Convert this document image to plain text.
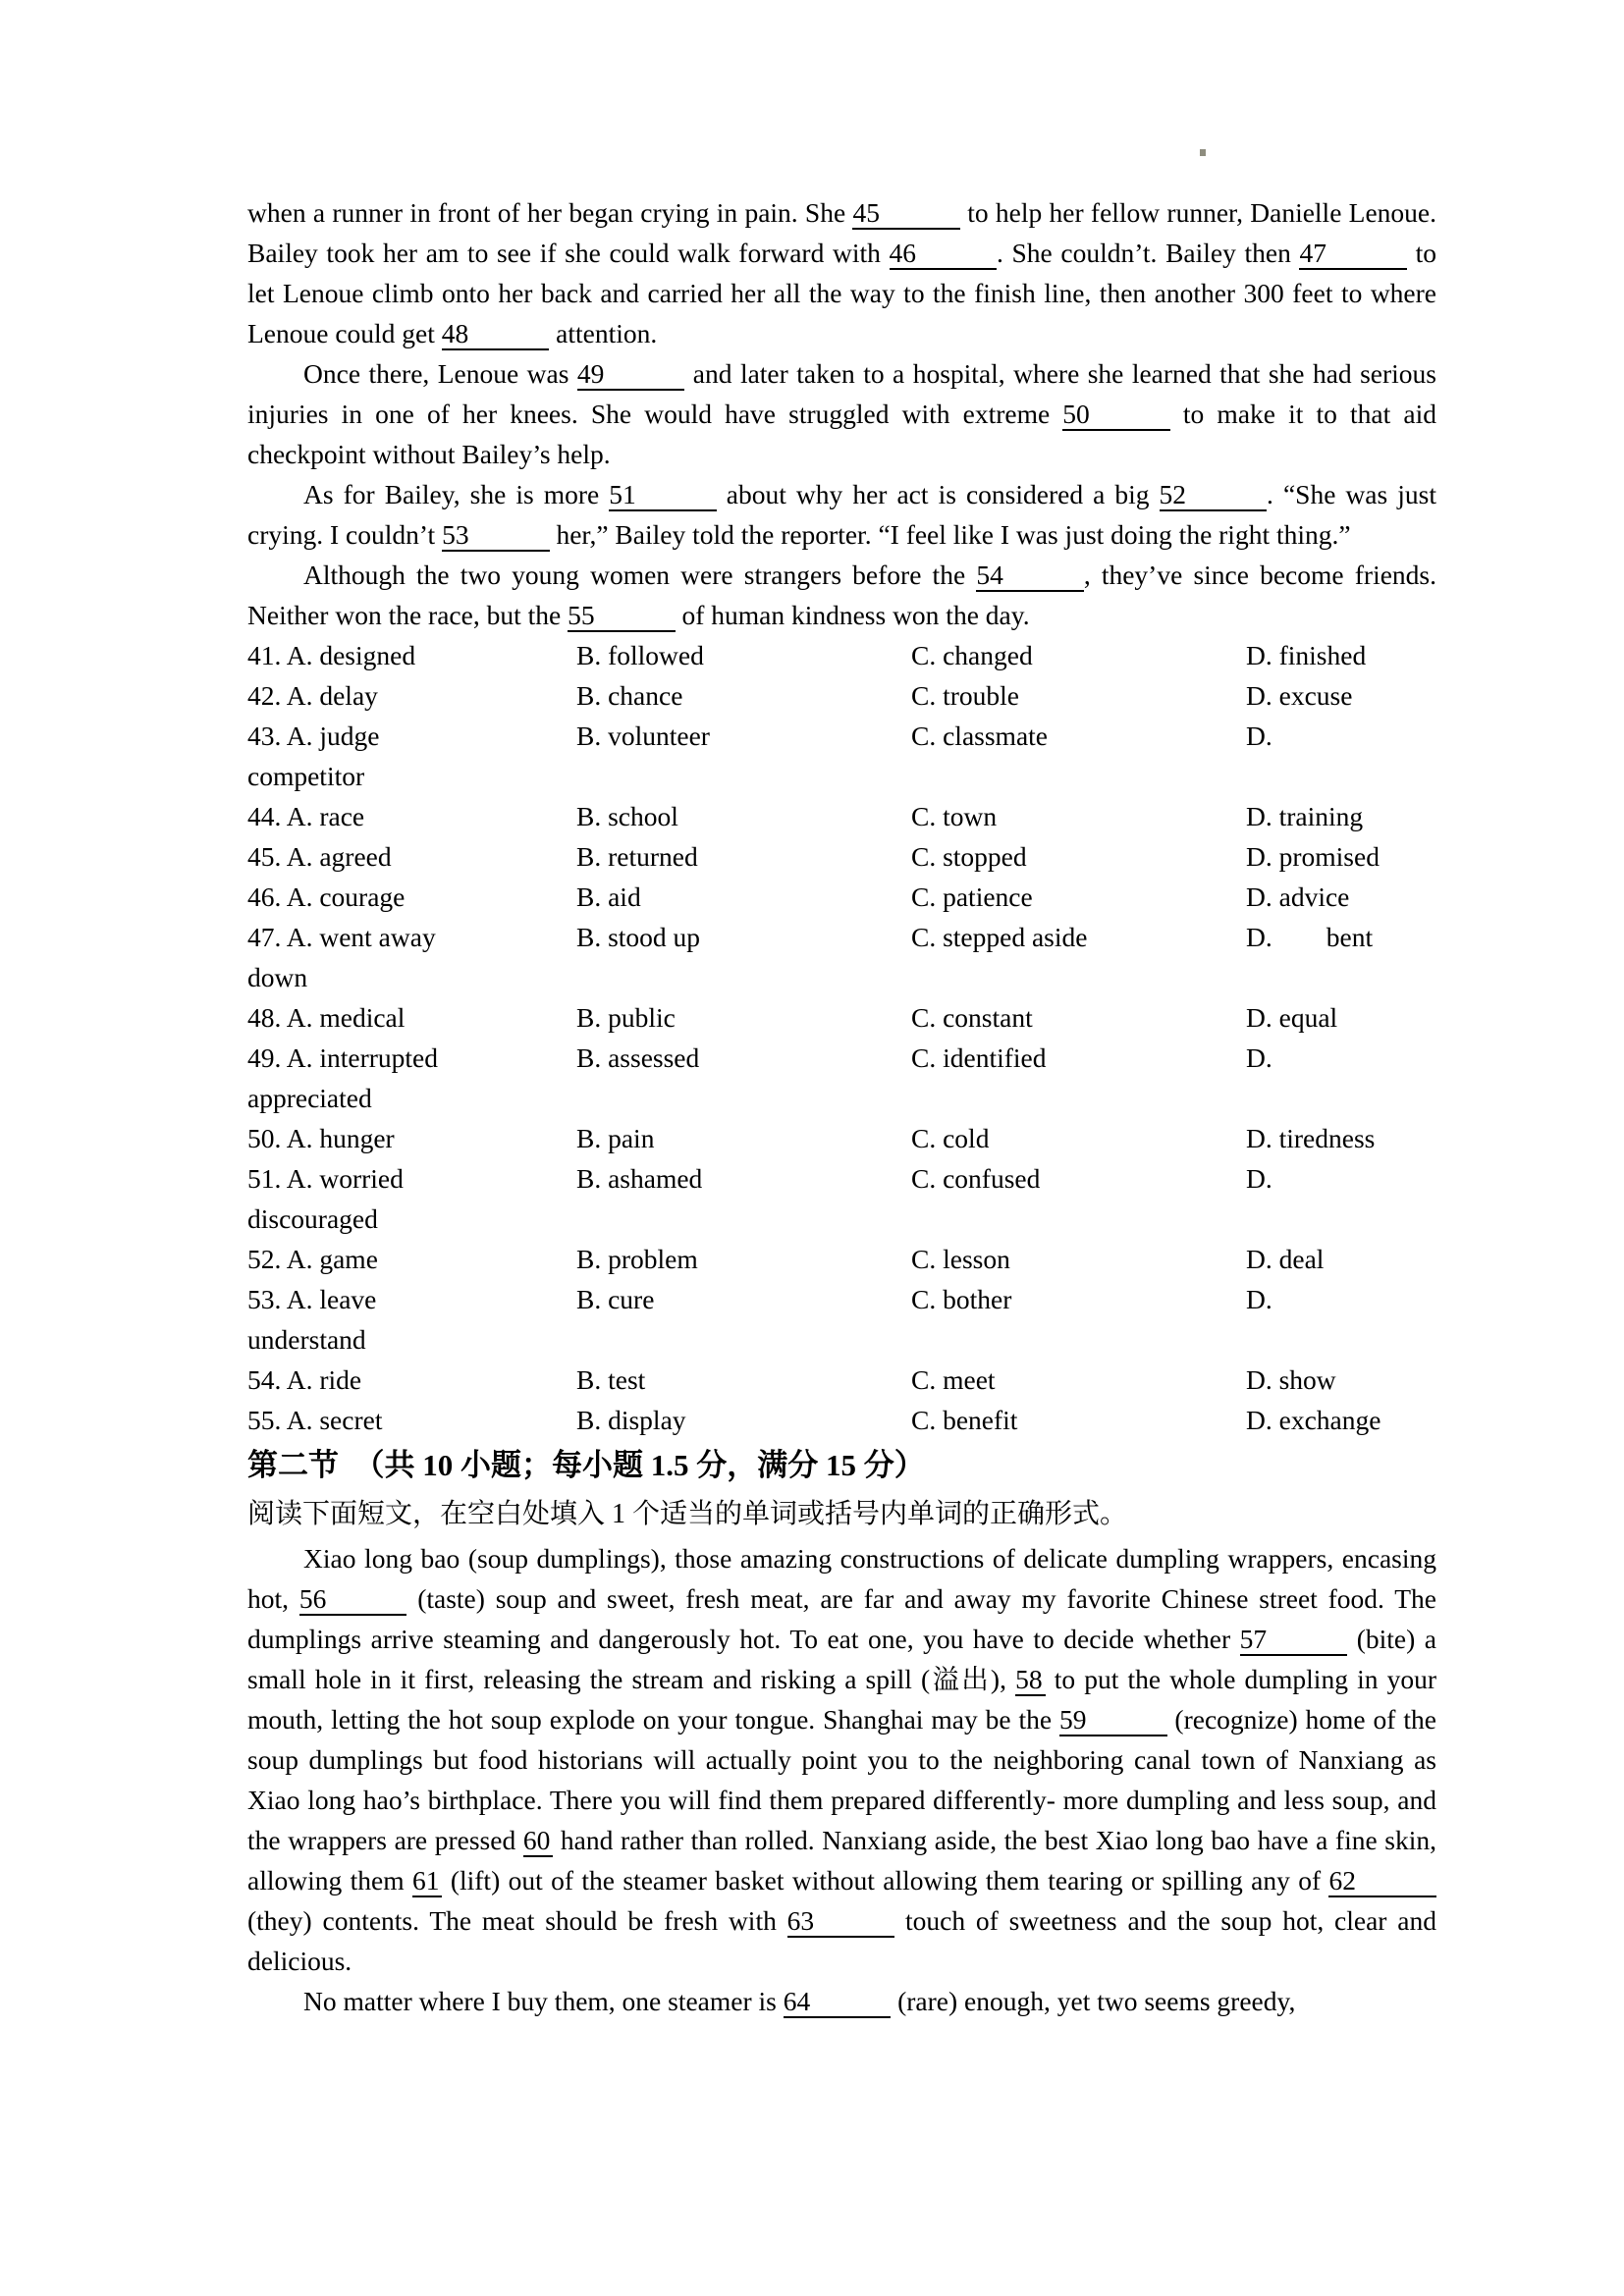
when a runner in front of her began crying in pain. She 45	to help her fellow runner, Danielle Lenoue. Bailey took her am to see if she could walk forward with 46	. She couldn’t. Bailey then 47	to let Lenoue climb onto her back and carried her all the way to the finish line, then another 300 feet to where Lenoue could get 48	attention.
Once there, Lenoue was 49	and later taken to a hospital, where she learned that she had serious injuries in one of her knees. She would have struggled with extreme 50	to make it to that aid checkpoint without Bailey’s help.
As for Bailey, she is more 51	about why her act is considered a big 52	. “She was just crying. I couldn’t 53	her,” Bailey told the reporter. “I feel like I was just doing the right thing.”
Although the two young women were strangers before the 54	, they’ve since become friends. Neither won the race, but the 55	of human kindness won the day.
41. A. designed	B. followed	C. changed	D. finished
42. A. delay	B. chance	C. trouble	D. excuse
43. A. judge	B. volunteer	C. classmate	D.
competitor
44. A. race	B. school	C. town	D. training
45. A. agreed	B. returned	C. stopped	D. promised
46. A. courage	B. aid	C. patience	D. advice
47. A. went away	B. stood up	C. stepped aside	D.        bent
down
48. A. medical	B. public	C. constant	D. equal
49. A. interrupted	B. assessed	C. identified	D.
appreciated
50. A. hunger	B. pain	C. cold	D. tiredness
51. A. worried	B. ashamed	C. confused	D.
discouraged
52. A. game	B. problem	C. lesson	D. deal
53. A. leave	B. cure	C. bother	D.
understand
54. A. ride	B. test	C. meet	D. show
55. A. secret	B. display	C. benefit	D. exchange
第二节　（共 10 小题；每小题 1.5 分，满分 15 分）
阅读下面短文，在空白处填入 1 个适当的单词或括号内单词的正确形式。
Xiao long bao (soup dumplings), those amazing constructions of delicate dumpling wrappers, encasing hot, 56	(taste) soup and sweet, fresh meat, are far and away my favorite Chinese street food. The dumplings arrive steaming and dangerously hot. To eat one, you have to decide whether 57	(bite) a small hole in it first, releasing the stream and risking a spill (溢出), 58 to put the whole dumpling in your mouth, letting the hot soup explode on your tongue. Shanghai may be the 59	(recognize) home of the soup dumplings but food historians will actually point you to the neighboring canal town of Nanxiang as Xiao long hao’s birthplace. There you will find them prepared differently- more dumpling and less soup, and the wrappers are pressed 60 hand rather than rolled. Nanxiang aside, the best Xiao long bao have a fine skin, allowing them 61 (lift) out of the steamer basket without allowing them tearing or spilling any of 62 (they) contents. The meat should be fresh with 63	touch of sweetness and the soup hot, clear and delicious.
No matter where I buy them, one steamer is 64	(rare) enough, yet two seems greedy,
